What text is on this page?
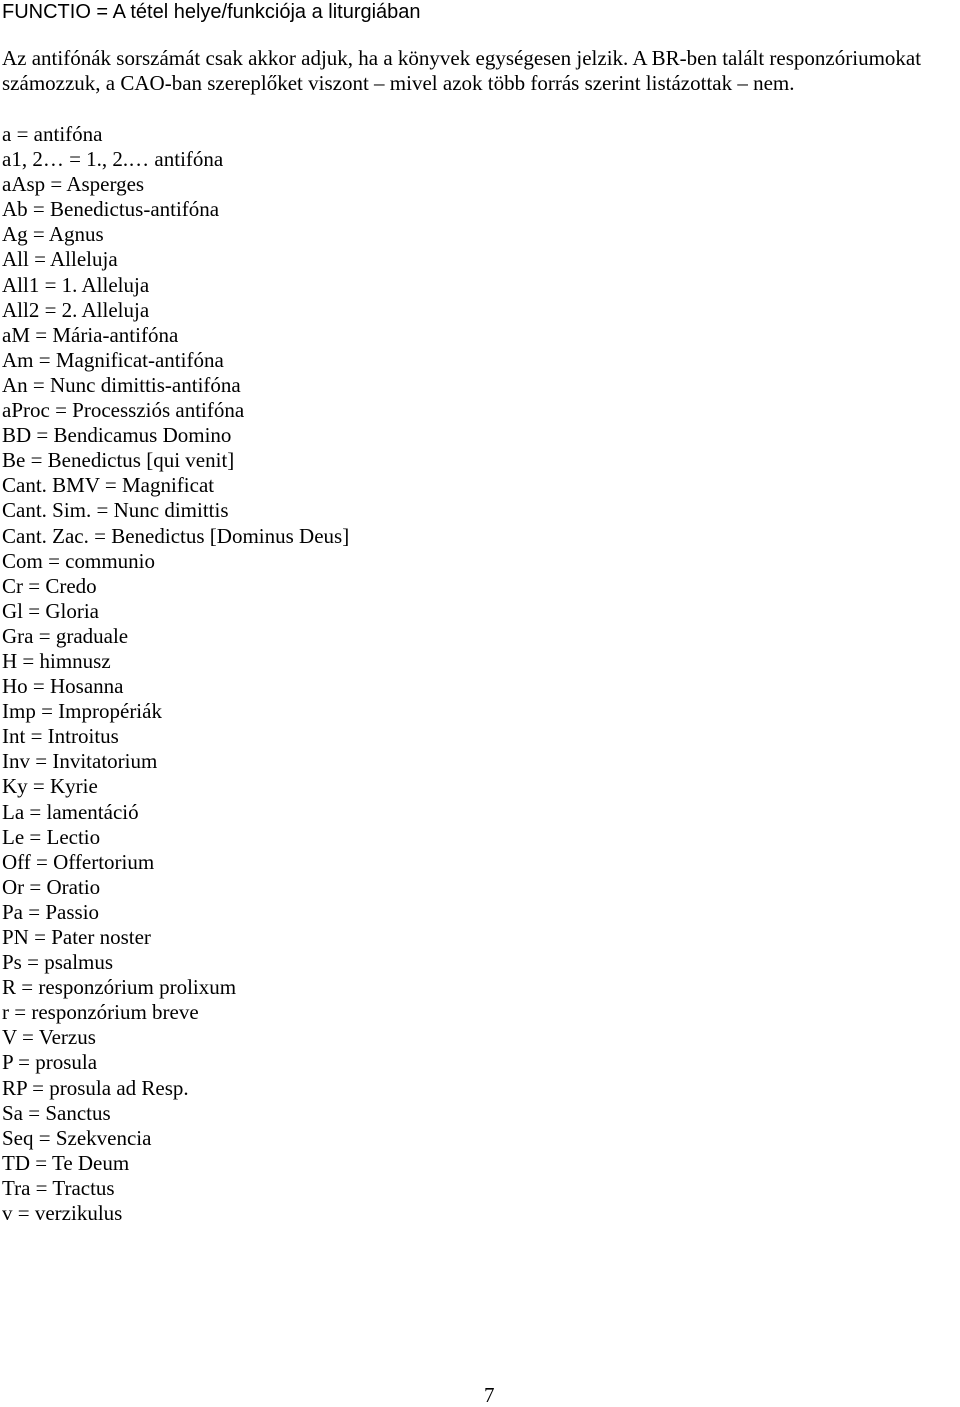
FUNCTIO = A tétel helye/funkciója a liturgiában

Az antifónák sorszámát csak akkor adjuk, ha a könyvek egységesen jelzik. A BR-ben talált responzóriumokat

számozzuk, a CAO-ban szereplőket viszont – mivel azok több forrás szerint listázottak – nem.

a = antifóna
a1, 2… = 1., 2.… antifóna
aAsp = Asperges
Ab = Benedictus-antifóna
Ag = Agnus
All = Alleluja
All1 = 1. Alleluja
All2 = 2. Alleluja
aM = Mária-antifóna
Am = Magnificat-antifóna
An = Nunc dimittis-antifóna
aProc = Processziós antifóna
BD = Bendicamus Domino
Be = Benedictus [qui venit]
Cant. BMV = Magnificat
Cant. Sim. = Nunc dimittis
Cant. Zac. = Benedictus [Dominus Deus]
Com = communio
Cr = Credo
Gl = Gloria
Gra = graduale
H = himnusz
Ho = Hosanna
Imp = Impropériák
Int = Introitus
Inv = Invitatorium
Ky = Kyrie
La = lamentáció
Le = Lectio
Off = Offertorium
Or = Oratio
Pa = Passio
PN = Pater noster
Ps = psalmus
R = responzórium prolixum
r = responzórium breve
V = Verzus
P = prosula
RP = prosula ad Resp.
Sa = Sanctus
Seq = Szekvencia
TD = Te Deum
Tra = Tractus
v = verzikulus
7
